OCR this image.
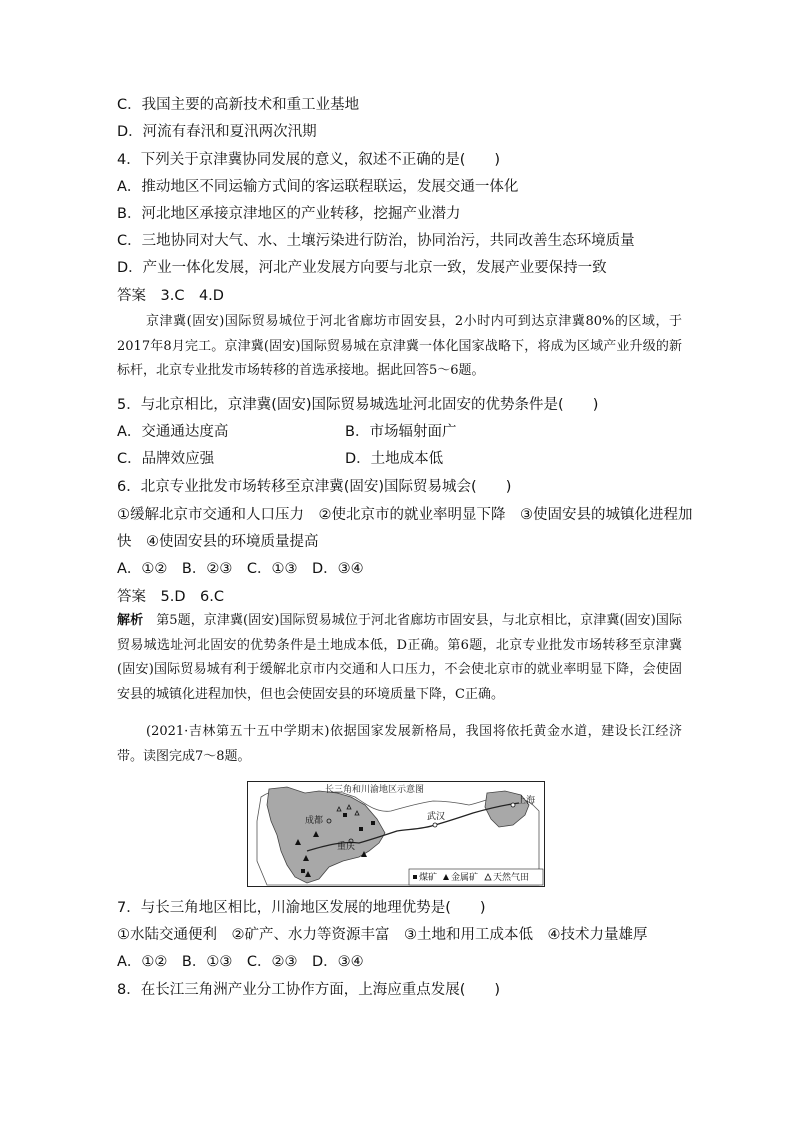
C．我国主要的高新技术和重工业基地
D．河流有春汛和夏汛两次汛期
4．下列关于京津冀协同发展的意义，叙述不正确的是(　　)
A．推动地区不同运输方式间的客运联程联运，发展交通一体化
B．河北地区承接京津地区的产业转移，挖掘产业潜力
C．三地协同对大气、水、土壤污染进行防治，协同治污，共同改善生态环境质量
D．产业一体化发展，河北产业发展方向要与北京一致，发展产业要保持一致
答案　 3.C　4.D

京津冀(固安)国际贸易城位于河北省廊坊市固安县，2小时内可到达京津冀80%的区域，于2017年8月完工。京津冀(固安)国际贸易城在京津冀一体化国家战略下，将成为区域产业升级的新标杆，北京专业批发市场转移的首选承接地。据此回答5～6题。

5．与北京相比，京津冀(固安)国际贸易城选址河北固安的优势条件是(　　)
A．交通通达度高	B．市场辐射面广
C．品牌效应强	D．土地成本低
6．北京专业批发市场转移至京津冀(固安)国际贸易城会(　　)
①缓解北京市交通和人口压力　②使北京市的就业率明显下降　③使固安县的城镇化进程加
快　④使固安县的环境质量提高
A．①②　B．②③　C．①③　D．③④
答案　 5.D　6.C

解析　第5题，京津冀(固安)国际贸易城位于河北省廊坊市固安县，与北京相比，京津冀(固安)国际贸易城选址河北固安的优势条件是土地成本低，D正确。第6题，北京专业批发市场转移至京津冀(固安)国际贸易城有利于缓解北京市内交通和人口压力，不会使北京市的就业率明显下降，会使固安县的城镇化进程加快，但也会使固安县的环境质量下降，C正确。

(2021·吉林第五十五中学期末)依据国家发展新格局，我国将依托黄金水道，建设长江经济带。读图完成7～8题。

长三角和川渝地区示意图
成都
重庆
武汉
上海
煤矿 金属矿 天然气田
7．与长三角地区相比，川渝地区发展的地理优势是(　　)
①水陆交通便利　②矿产、水力等资源丰富　③土地和用工成本低　④技术力量雄厚
A．①②　B．①③　C．②③　D．③④
8．在长江三角洲产业分工协作方面，上海应重点发展(　　)
